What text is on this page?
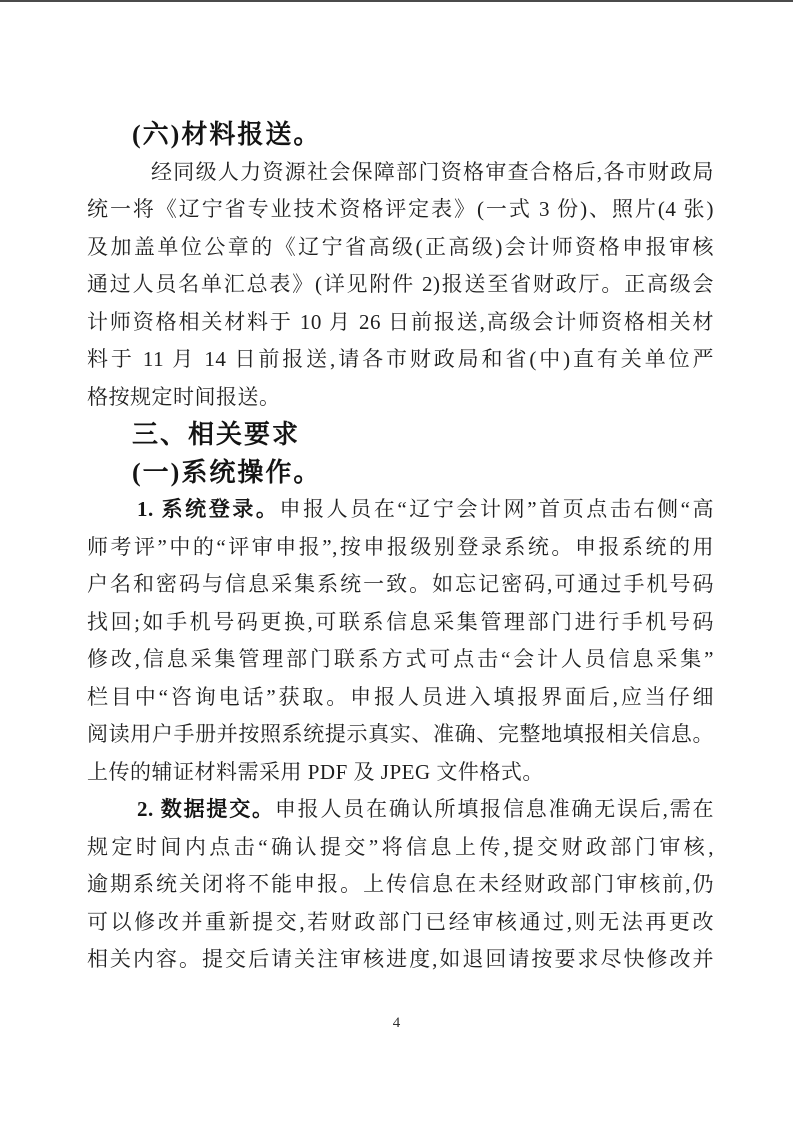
(六)材料报送。
经同级人力资源社会保障部门资格审查合格后,各市财政局
统一将《辽宁省专业技术资格评定表》(一式 3 份)、照片(4 张)
及加盖单位公章的《辽宁省高级(正高级)会计师资格申报审核
通过人员名单汇总表》(详见附件 2)报送至省财政厅。正高级会
计师资格相关材料于 10 月 26 日前报送,高级会计师资格相关材
料于 11 月 14 日前报送,请各市财政局和省(中)直有关单位严
格按规定时间报送。
三、相关要求
(一)系统操作。
1. 系统登录。申报人员在“辽宁会计网”首页点击右侧“高
师考评”中的“评审申报”,按申报级别登录系统。申报系统的用
户名和密码与信息采集系统一致。如忘记密码,可通过手机号码
找回;如手机号码更换,可联系信息采集管理部门进行手机号码
修改,信息采集管理部门联系方式可点击“会计人员信息采集”
栏目中“咨询电话”获取。申报人员进入填报界面后,应当仔细
阅读用户手册并按照系统提示真实、准确、完整地填报相关信息。
上传的辅证材料需采用 PDF 及 JPEG 文件格式。
2. 数据提交。申报人员在确认所填报信息准确无误后,需在
规定时间内点击“确认提交”将信息上传,提交财政部门审核,
逾期系统关闭将不能申报。上传信息在未经财政部门审核前,仍
可以修改并重新提交,若财政部门已经审核通过,则无法再更改
相关内容。提交后请关注审核进度,如退回请按要求尽快修改并
4
